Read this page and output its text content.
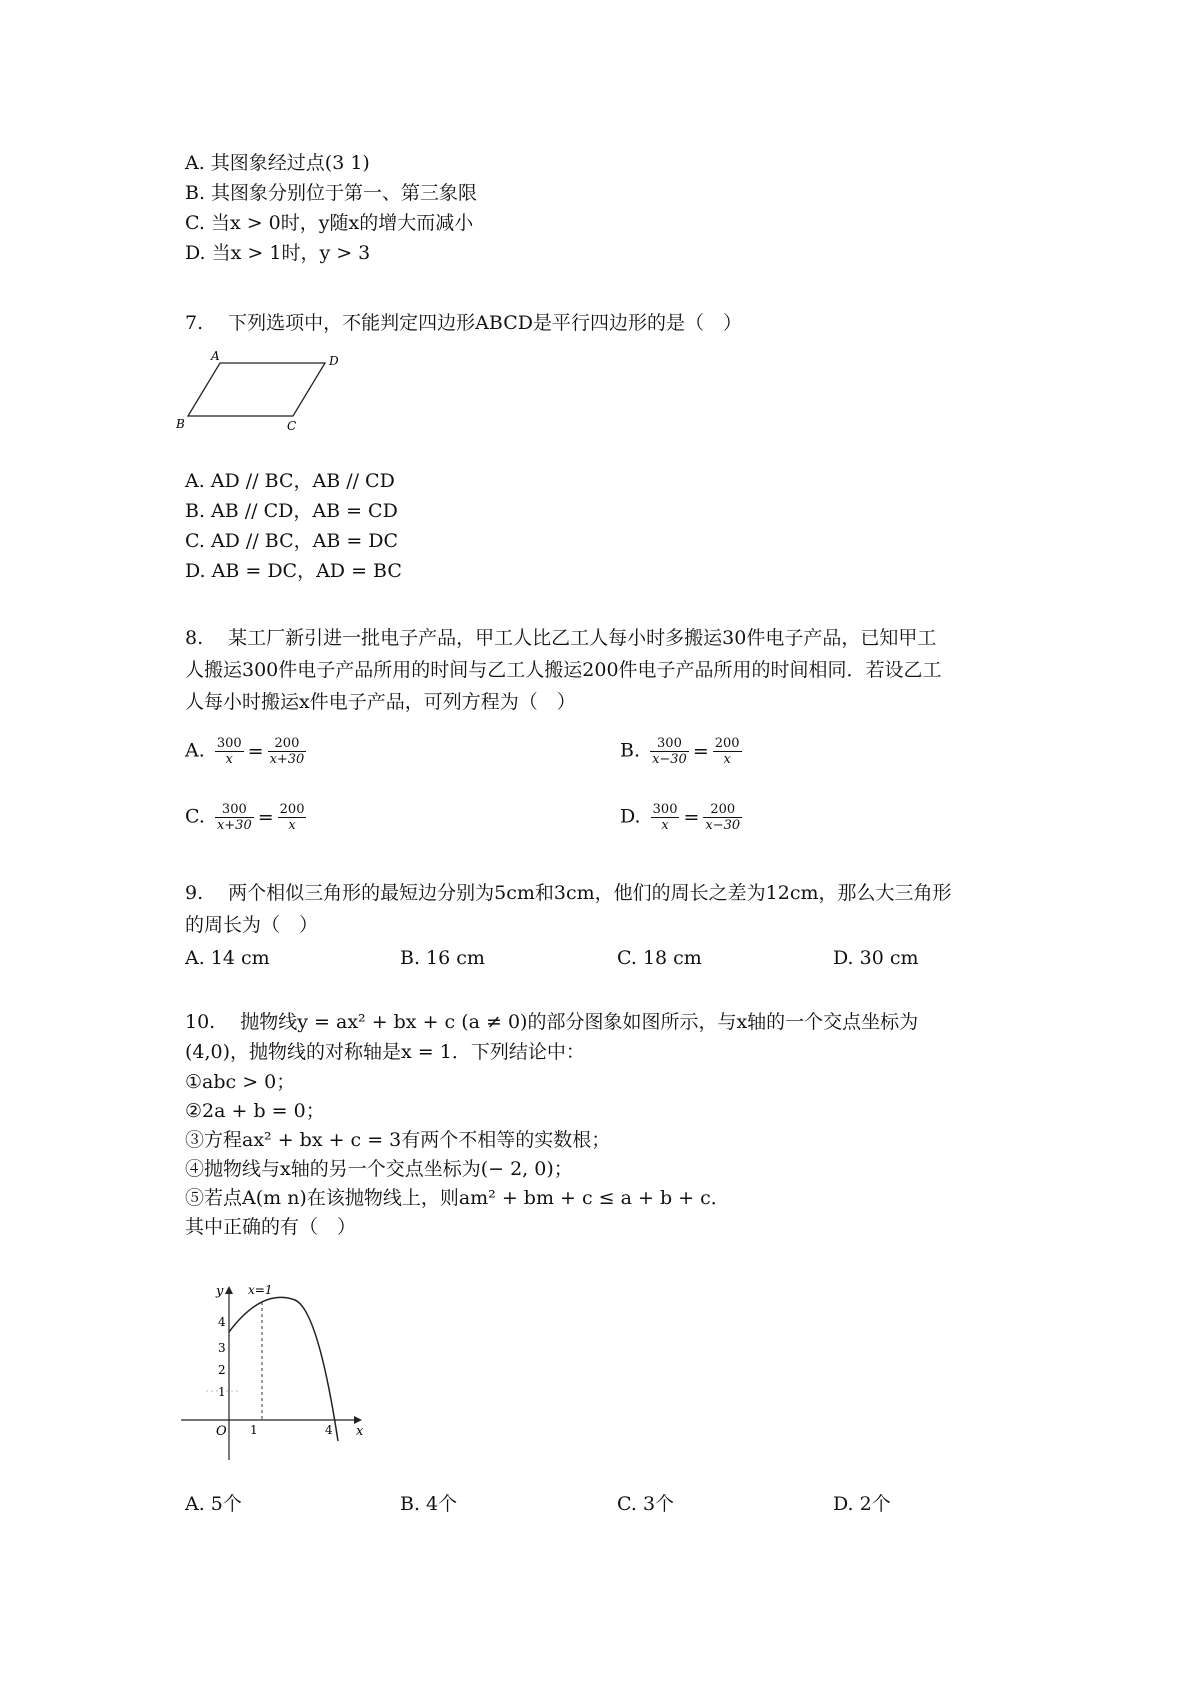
A. 其图象经过点(3 1)
B. 其图象分别位于第一、第三象限
C. 当x > 0时，y随x的增大而减小
D. 当x > 1时，y > 3
7.　 下列选项中，不能判定四边形ABCD是平行四边形的是（　）
A	D
B	C
A. AD // BC，AB // CD
B. AB // CD，AB = CD
C. AD // BC，AB = DC
D. AB = DC，AD = BC
8.　 某工厂新引进一批电子产品，甲工人比乙工人每小时多搬运30件电子产品，已知甲工
人搬运300件电子产品所用的时间与乙工人搬运200件电子产品所用的时间相同．若设乙工
人每小时搬运x件电子产品，可列方程为（　）
A. $\frac{300}{x} = \frac{200}{x+30}$	B. $\frac{300}{x-30} = \frac{200}{x}$
C. $\frac{300}{x+30} = \frac{200}{x}$	D. $\frac{300}{x} = \frac{200}{x-30}$
9.　 两个相似三角形的最短边分别为5cm和3cm，他们的周长之差为12cm，那么大三角形
的周长为（　）
A. 14 cm	B. 16 cm	C. 18 cm	D. 30 cm
10.　 抛物线y = ax² + bx + c (a ≠ 0)的部分图象如图所示，与x轴的一个交点坐标为
(4,0)，抛物线的对称轴是x = 1．下列结论中：
①abc > 0；
②2a + b = 0；
③方程ax² + bx + c = 3有两个不相等的实数根；
④抛物线与x轴的另一个交点坐标为(− 2, 0)；
⑤若点A(m n)在该抛物线上，则am² + bm + c ≤ a + b + c．
其中正确的有（　）
y
x
x=1
O
4
3
2
1
1	4
A. 5个	B. 4个	C. 3个	D. 2个
